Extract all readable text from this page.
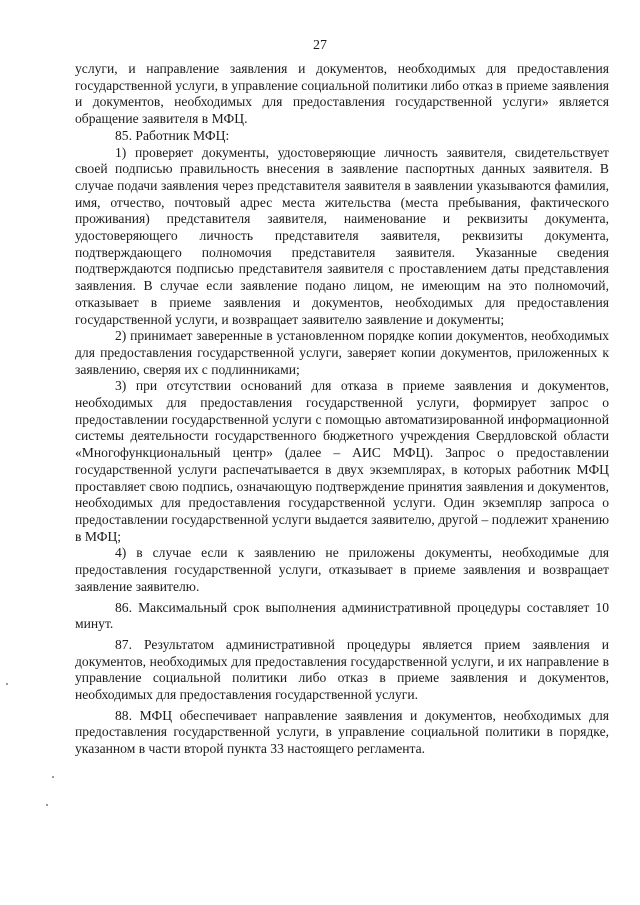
27

услуги, и направление заявления и документов, необходимых для предоставления государственной услуги, в управление социальной политики либо отказ в приеме заявления и документов, необходимых для предоставления государственной услуги» является обращение заявителя в МФЦ.

85. Работник МФЦ:

1) проверяет документы, удостоверяющие личность заявителя, свидетельствует своей подписью правильность внесения в заявление паспортных данных заявителя. В случае подачи заявления через представителя заявителя в заявлении указываются фамилия, имя, отчество, почтовый адрес места жительства (места пребывания, фактического проживания) представителя заявителя, наименование и реквизиты документа, удостоверяющего личность представителя заявителя, реквизиты документа, подтверждающего полномочия представителя заявителя. Указанные сведения подтверждаются подписью представителя заявителя с проставлением даты представления заявления. В случае если заявление подано лицом, не имеющим на это полномочий, отказывает в приеме заявления и документов, необходимых для предоставления государственной услуги, и возвращает заявителю заявление и документы;

2) принимает заверенные в установленном порядке копии документов, необходимых для предоставления государственной услуги, заверяет копии документов, приложенных к заявлению, сверяя их с подлинниками;

3) при отсутствии оснований для отказа в приеме заявления и документов, необходимых для предоставления государственной услуги, формирует запрос о предоставлении государственной услуги с помощью автоматизированной информационной системы деятельности государственного бюджетного учреждения Свердловской области «Многофункциональный центр» (далее – АИС МФЦ). Запрос о предоставлении государственной услуги распечатывается в двух экземплярах, в которых работник МФЦ проставляет свою подпись, означающую подтверждение принятия заявления и документов, необходимых для предоставления государственной услуги. Один экземпляр запроса о предоставлении государственной услуги выдается заявителю, другой – подлежит хранению в МФЦ;

4) в случае если к заявлению не приложены документы, необходимые для предоставления государственной услуги, отказывает в приеме заявления и возвращает заявление заявителю.

86. Максимальный срок выполнения административной процедуры составляет 10 минут.

87. Результатом административной процедуры является прием заявления и документов, необходимых для предоставления государственной услуги, и их направление в управление социальной политики либо отказ в приеме заявления и документов, необходимых для предоставления государственной услуги.

88. МФЦ обеспечивает направление заявления и документов, необходимых для предоставления государственной услуги, в управление социальной политики в порядке, указанном в части второй пункта 33 настоящего регламента.
